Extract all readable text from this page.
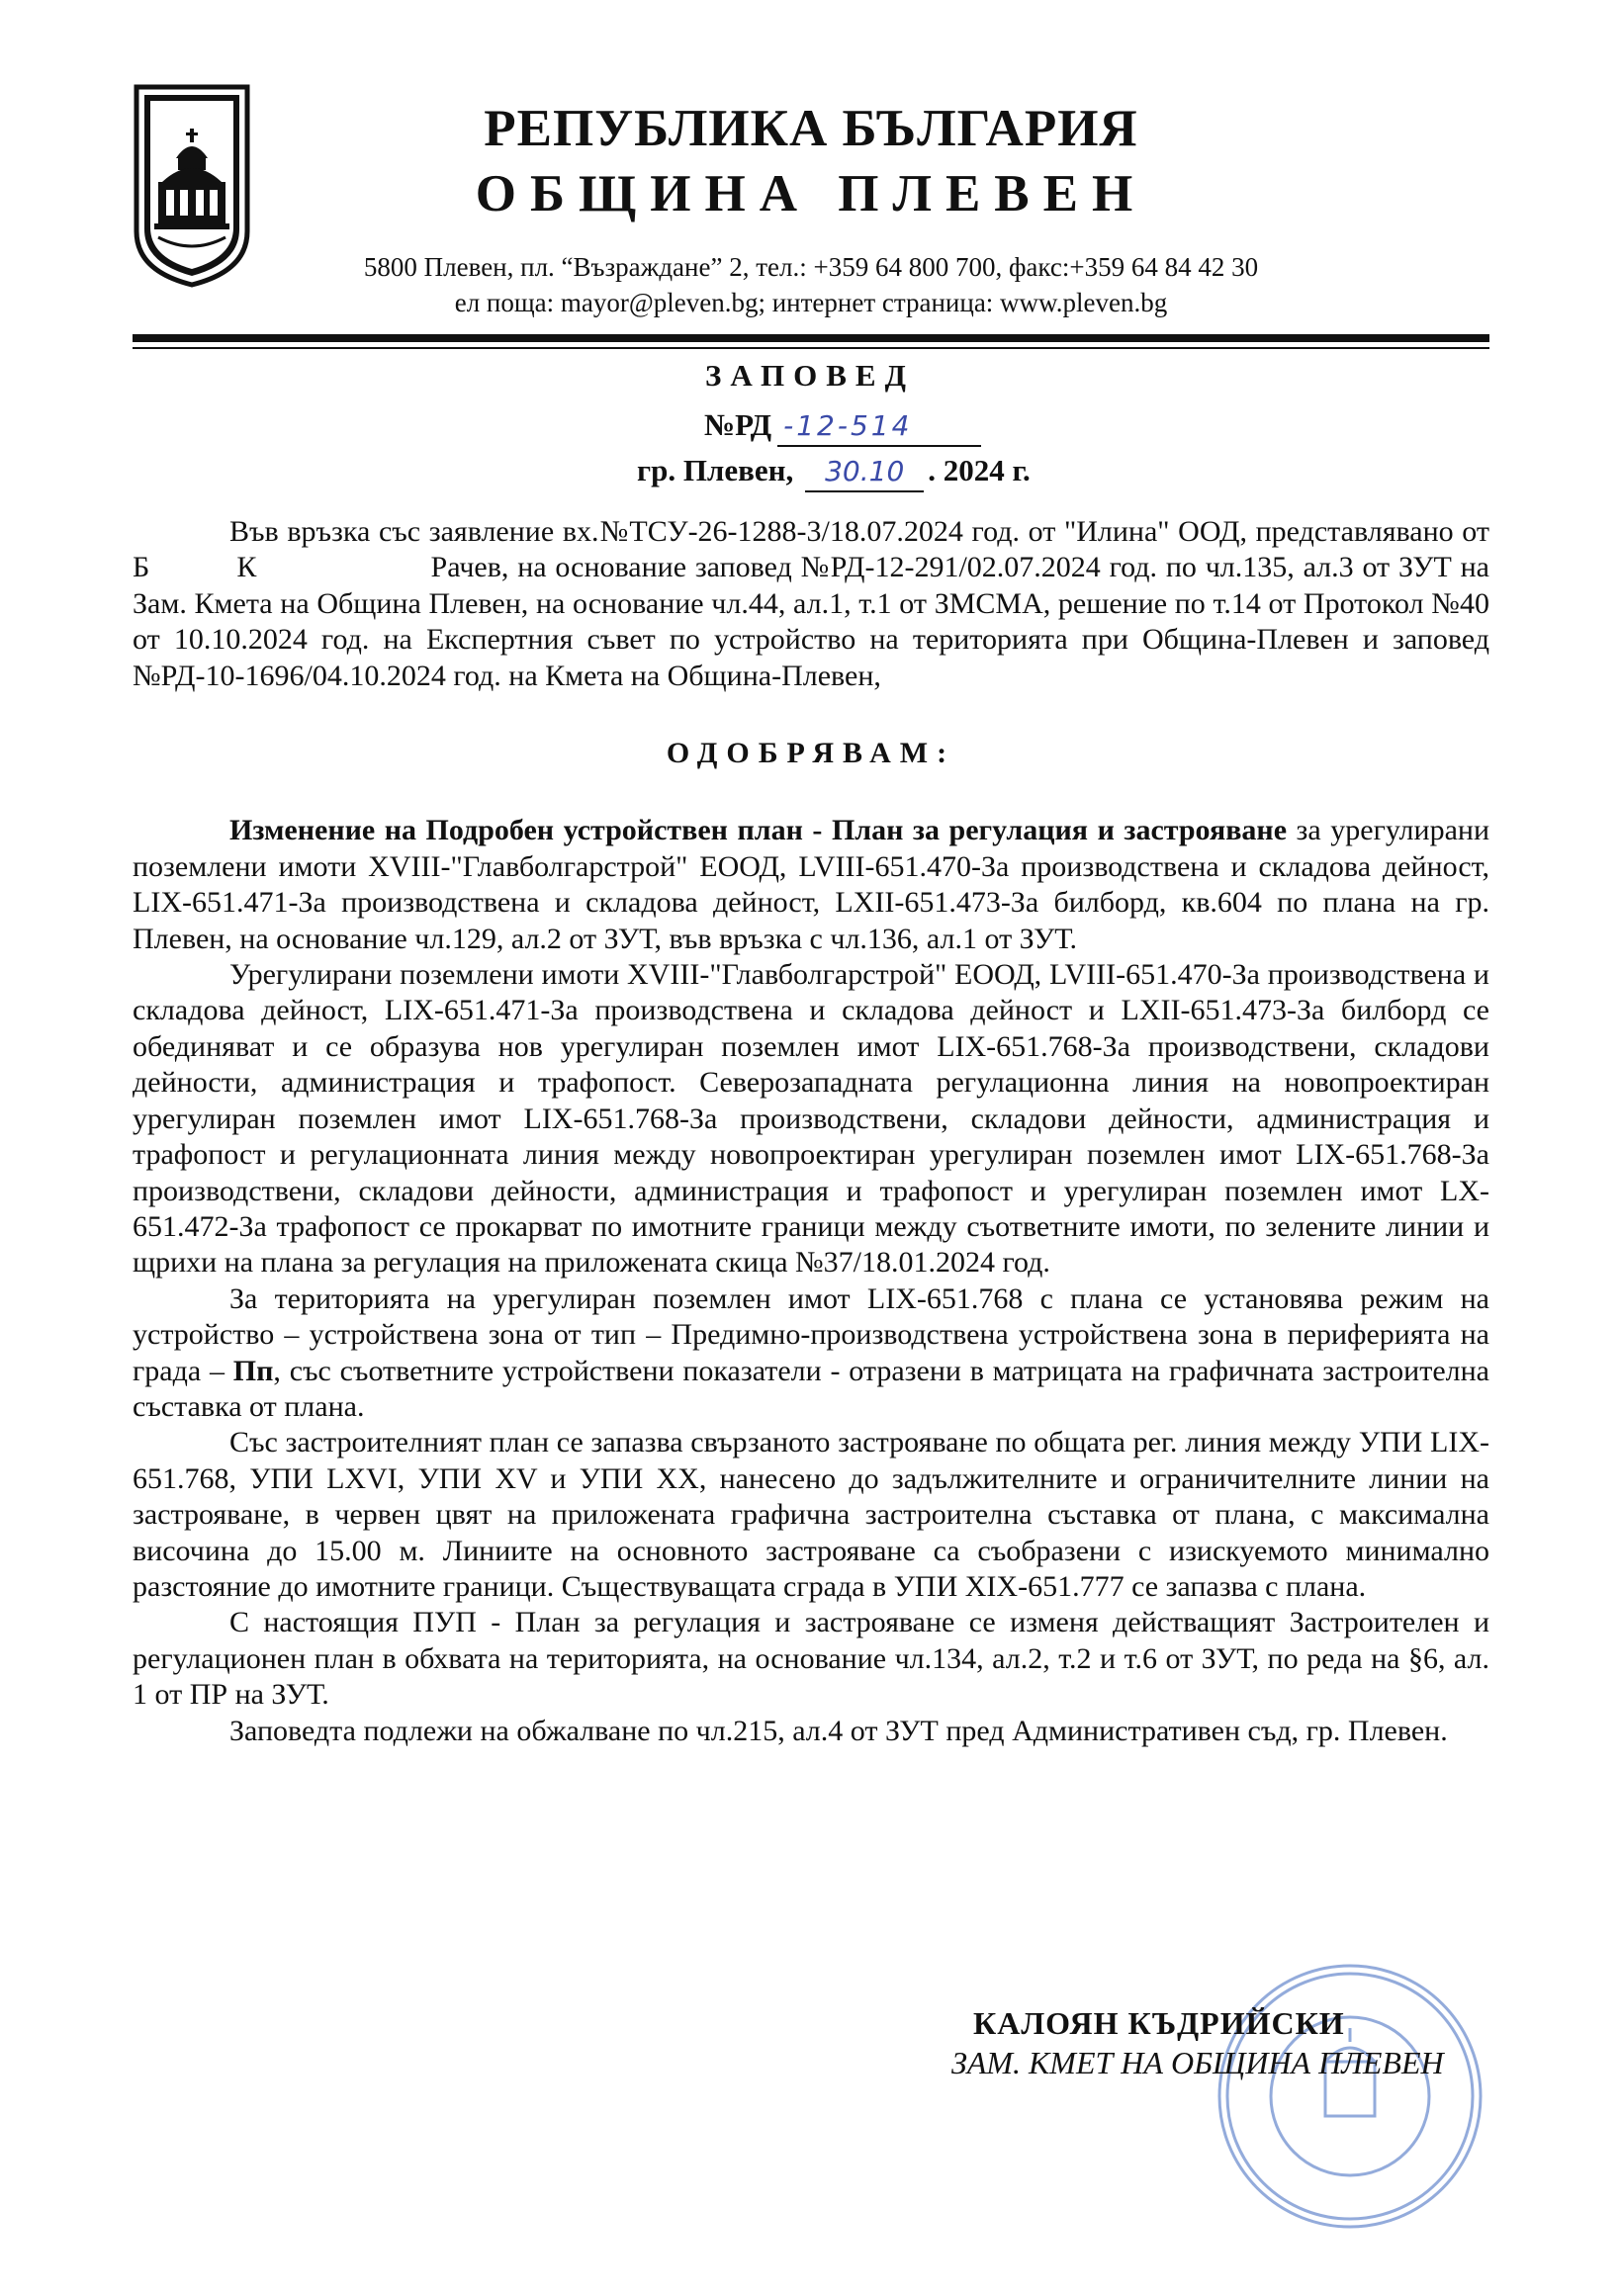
РЕПУБЛИКА БЪЛГАРИЯ
ОБЩИНА ПЛЕВЕН
5800 Плевен, пл. “Възраждане” 2, тел.: +359 64 800 700, факс:+359 64 84 42 30
ел поща: mayor@pleven.bg; интернет страница: www.pleven.bg
ЗАПОВЕД
№РД -12-514
гр. Плевен, 30.10 . 2024 г.

Във връзка със заявление вх.№ТСУ-26-1288-3/18.07.2024 год. от "Илина" ООД, представлявано от Б          К                    Рачев, на основание заповед №РД-12-291/02.07.2024 год. по чл.135, ал.3 от ЗУТ на Зам. Кмета на Община Плевен, на основание чл.44, ал.1, т.1 от ЗМСМА, решение по т.14 от Протокол №40 от 10.10.2024 год. на Експертния съвет по устройство на територията при Община-Плевен и заповед №РД-10-1696/04.10.2024 год. на Кмета на Община-Плевен,

ОДОБРЯВАМ:

Изменение на Подробен устройствен план - План за регулация и застрояване за урегулирани поземлени имоти XVIII-"Главболгарстрой" ЕООД, LVIII-651.470-За производствена и складова дейност, LIX-651.471-За производствена и складова дейност, LXII-651.473-За билборд, кв.604 по плана на гр. Плевен, на основание чл.129, ал.2 от ЗУТ, във връзка с чл.136, ал.1 от ЗУТ.

Урегулирани поземлени имоти XVIII-"Главболгарстрой" ЕООД, LVIII-651.470-За производствена и складова дейност, LIX-651.471-За производствена и складова дейност и LXII-651.473-За билборд се обединяват и се образува нов урегулиран поземлен имот LIX-651.768-За производствени, складови дейности, администрация и трафопост. Северозападната регулационна линия на новопроектиран урегулиран поземлен имот LIX-651.768-За производствени, складови дейности, администрация и трафопост и регулационната линия между новопроектиран урегулиран поземлен имот LIX-651.768-За производствени, складови дейности, администрация и трафопост и урегулиран поземлен имот LX-651.472-За трафопост се прокарват по имотните граници между съответните имоти, по зелените линии и щрихи на плана за регулация на приложената скица №37/18.01.2024 год.

За територията на урегулиран поземлен имот LIX-651.768 с плана се установява режим на устройство – устройствена зона от тип – Предимно-производствена устройствена зона в периферията на града – Пп, със съответните устройствени показатели - отразени в матрицата на графичната застроителна съставка от плана.

Със застроителният план се запазва свързаното застрояване по общата рег. линия между УПИ LIX-651.768, УПИ LXVI, УПИ XV и УПИ XX, нанесено до задължителните и ограничителните линии на застрояване, в червен цвят на приложената графична застроителна съставка от плана, с максимална височина до 15.00 м. Линиите на основното застрояване са съобразени с изискуемото минимално разстояние до имотните граници. Съществуващата сграда в УПИ XIX-651.777 се запазва с плана.

С настоящия ПУП - План за регулация и застрояване се изменя действащият Застроителен и регулационен план в обхвата на територията, на основание чл.134, ал.2, т.2 и т.6 от ЗУТ, по реда на §6, ал. 1 от ПР на ЗУТ.

Заповедта подлежи на обжалване по чл.215, ал.4 от ЗУТ пред Административен съд, гр. Плевен.

КАЛОЯН КЪДРИЙСКИ
ЗАМ. КМЕТ НА ОБЩИНА ПЛЕВЕН
